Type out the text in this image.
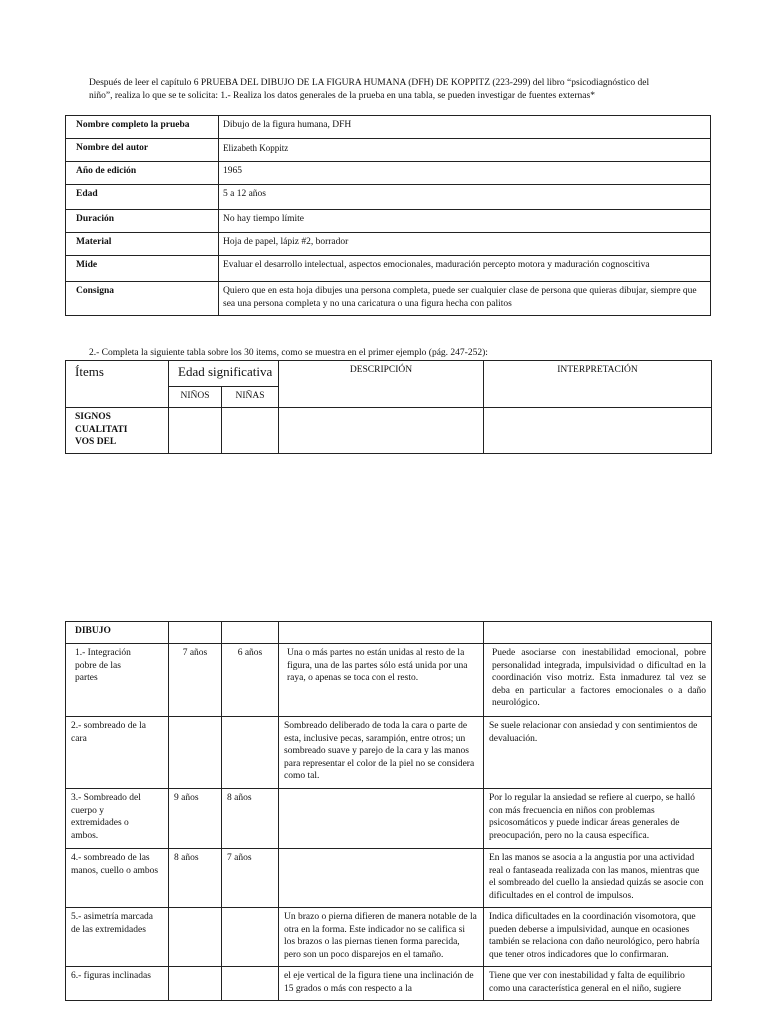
Después de leer el capítulo 6 PRUEBA DEL DIBUJO DE LA FIGURA HUMANA (DFH) DE KOPPITZ (223-299) del libro “psicodiagnóstico del niño”, realiza lo que se te solicita: 1.- Realiza los datos generales de la prueba en una tabla, se pueden investigar de fuentes externas*
Nombre completo la prueba	Dibujo de la figura humana, DFH
Nombre del autor	Elizabeth Koppitz
Año de edición	1965
Edad	5 a 12 años
Duración	No hay tiempo límite
Material	Hoja de papel, lápiz #2, borrador
Mide	Evaluar el desarrollo intelectual, aspectos emocionales, maduración percepto motora y maduración cognoscitiva
Consigna	Quiero que en esta hoja dibujes una persona completa, puede ser cualquier clase de persona que quieras dibujar, siempre que sea una persona completa y no una caricatura o una figura hecha con palitos
2.- Completa la siguiente tabla sobre los 30 items, como se muestra en el primer ejemplo (pág. 247-252):
Ítems	Edad significativa		DESCRIPCIÓN	INTERPRETACIÓN
	NIÑOS	NIÑAS		

SIGNOS CUALITATI VOS DEL				

DIBUJO				

1.- Integración pobre de las partes	7 años	6 años	Una o más partes no están unidas al resto de la figura, una de las partes sólo está unida por una raya, o apenas se toca con el resto.	Puede asociarse con inestabilidad emocional, pobre personalidad integrada, impulsividad o dificultad en la coordinación viso motriz. Esta inmadurez tal vez se deba en particular a factores emocionales o a daño neurológico.
2.- sombreado de la cara			Sombreado deliberado de toda la cara o parte de esta, inclusive pecas, sarampión, entre otros; un sombreado suave y parejo de la cara y las manos para representar el color de la piel no se considera como tal.	Se suele relacionar con ansiedad y con sentimientos de devaluación.

3.- Sombreado del cuerpo y extremidades o ambos.	9 años	8 años		Por lo regular la ansiedad se refiere al cuerpo, se halló con más frecuencia en niños con problemas psicosomáticos y puede indicar áreas generales de preocupación, pero no la causa específica.
4.- sombreado de las manos, cuello o ambos	8 años	7 años		En las manos se asocia a la angustia por una actividad real o fantaseada realizada con las manos, mientras que el sombreado del cuello la ansiedad quizás se asocie con dificultades en el control de impulsos.
5.- asimetría marcada de las extremidades			Un brazo o pierna difieren de manera notable de la otra en la forma. Este indicador no se califica si los brazos o las piernas tienen forma parecida, pero son un poco disparejos en el tamaño.	Indica dificultades en la coordinación visomotora, que pueden deberse a impulsividad, aunque en ocasiones también se relaciona con daño neurológico, pero habría que tener otros indicadores que lo confirmaran.
6.- figuras inclinadas			el eje vertical de la figura tiene una inclinación de 15 grados o más con respecto a la	Tiene que ver con inestabilidad y falta de equilibrio como una característica general en el niño, sugiere
